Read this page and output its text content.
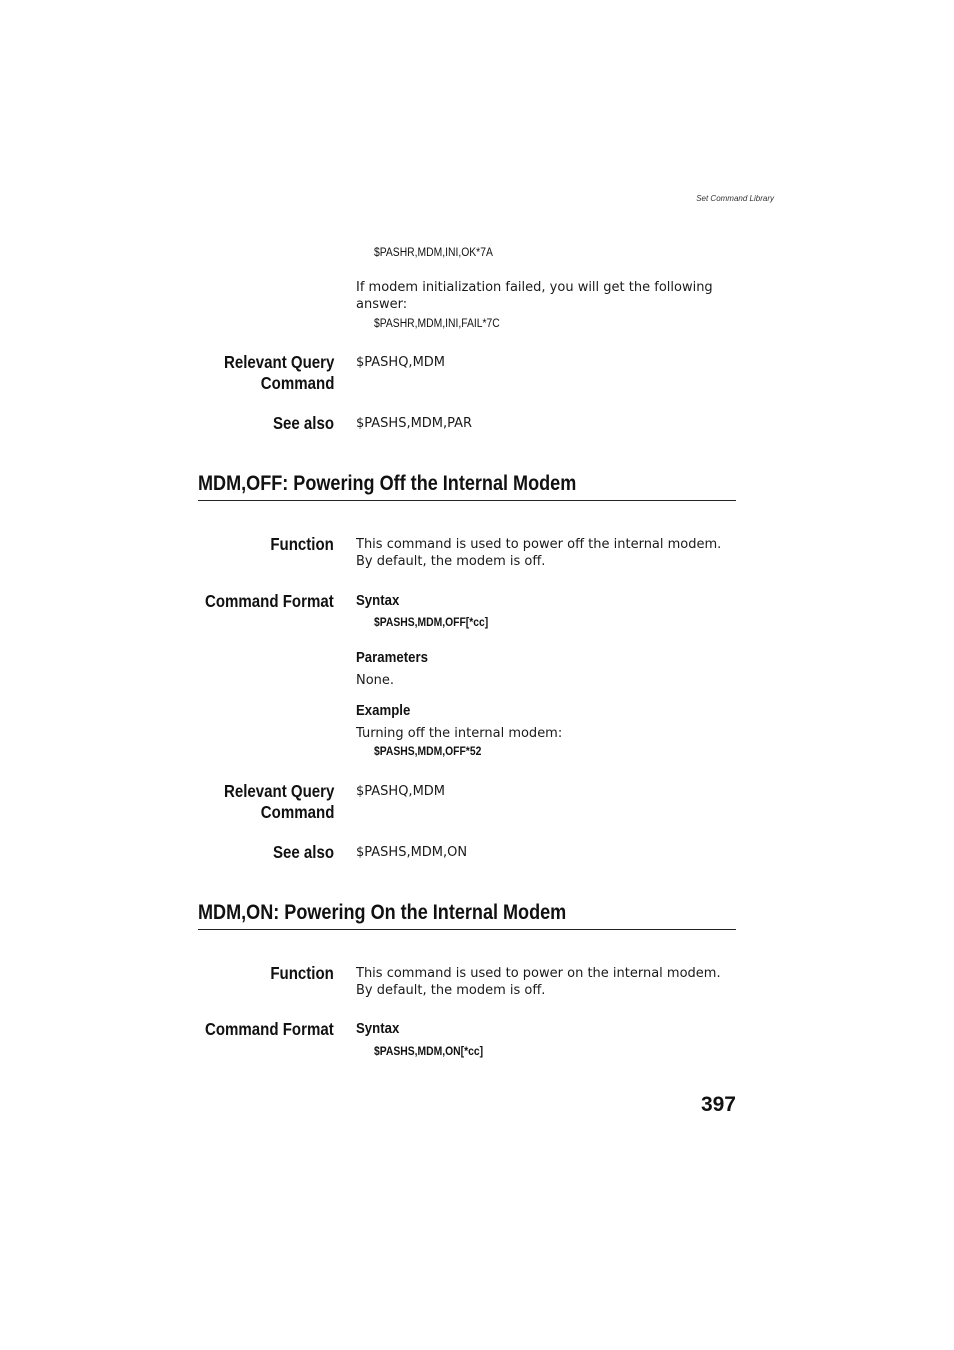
Set Command Library
$PASHR,MDM,INI,OK*7A
If modem initialization failed, you will get the following answer:
$PASHR,MDM,INI,FAIL*7C
Relevant Query
Command
$PASHQ,MDM
See also $PASHS,MDM,PAR
MDM,OFF: Powering Off the Internal Modem
Function This command is used to power off the internal modem. By default, the modem is off.
Command Format Syntax
$PASHS,MDM,OFF[*cc]
Parameters
None.
Example
Turning off the internal modem:
$PASHS,MDM,OFF*52
Relevant Query
Command
$PASHQ,MDM
See also $PASHS,MDM,ON
MDM,ON: Powering On the Internal Modem
Function This command is used to power on the internal modem. By default, the modem is off.
Command Format Syntax
$PASHS,MDM,ON[*cc]
397
